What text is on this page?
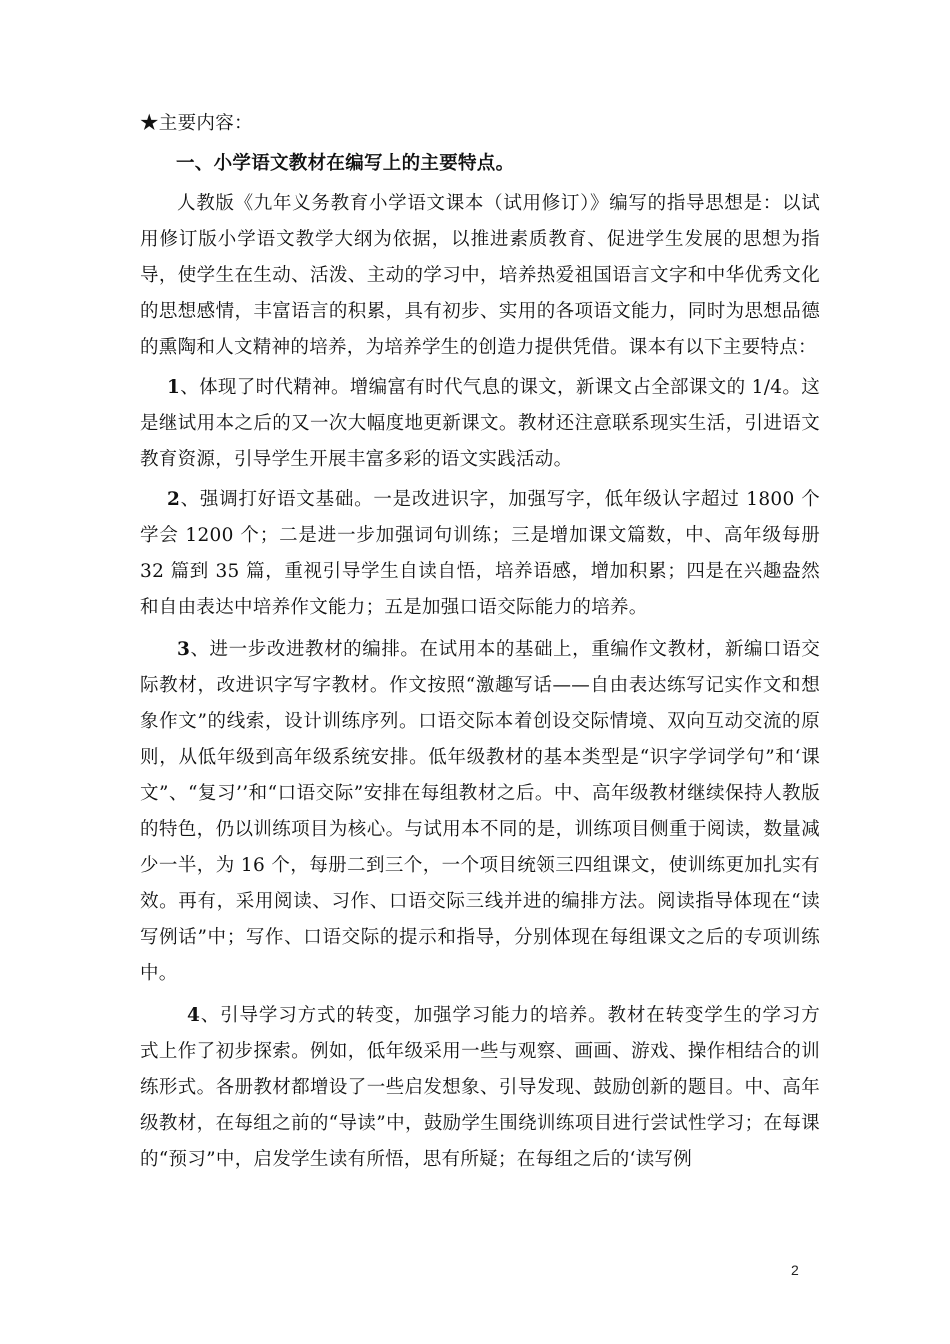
★主要内容：

一、小学语文教材在编写上的主要特点。

人教版《九年义务教育小学语文课本（试用修订）》编写的指导思想是：以试用修订版小学语文教学大纲为依据，以推进素质教育、促进学生发展的思想为指导，使学生在生动、活泼、主动的学习中，培养热爱祖国语言文字和中华优秀文化的思想感情，丰富语言的积累，具有初步、实用的各项语文能力，同时为思想品德的熏陶和人文精神的培养，为培养学生的创造力提供凭借。课本有以下主要特点：

1、体现了时代精神。增编富有时代气息的课文，新课文占全部课文的 1/4。这是继试用本之后的又一次大幅度地更新课文。教材还注意联系现实生活，引进语文教育资源，引导学生开展丰富多彩的语文实践活动。

2、强调打好语文基础。一是改进识字，加强写字，低年级认字超过 1800 个学会 1200 个；二是进一步加强词句训练；三是增加课文篇数，中、高年级每册 32 篇到 35 篇，重视引导学生自读自悟，培养语感，增加积累；四是在兴趣盎然和自由表达中培养作文能力；五是加强口语交际能力的培养。

3、进一步改进教材的编排。在试用本的基础上，重编作文教材，新编口语交际教材，改进识字写字教材。作文按照“激趣写话——自由表达练写记实作文和想象作文”的线索，设计训练序列。口语交际本着创设交际情境、双向互动交流的原则，从低年级到高年级系统安排。低年级教材的基本类型是“识字学词学句”和‘课文”、“复习’’和“口语交际”安排在每组教材之后。中、高年级教材继续保持人教版的特色，仍以训练项目为核心。与试用本不同的是，训练项目侧重于阅读，数量减少一半，为 16 个，每册二到三个，一个项目统领三四组课文，使训练更加扎实有效。再有，采用阅读、习作、口语交际三线并进的编排方法。阅读指导体现在“读写例话”中；写作、口语交际的提示和指导，分别体现在每组课文之后的专项训练中。

4、引导学习方式的转变，加强学习能力的培养。教材在转变学生的学习方式上作了初步探索。例如，低年级采用一些与观察、画画、游戏、操作相结合的训练形式。各册教材都增设了一些启发想象、引导发现、鼓励创新的题目。中、高年级教材，在每组之前的“导读”中，鼓励学生围绕训练项目进行尝试性学习；在每课的“预习”中，启发学生读有所悟，思有所疑；在每组之后的‘读写例

2
